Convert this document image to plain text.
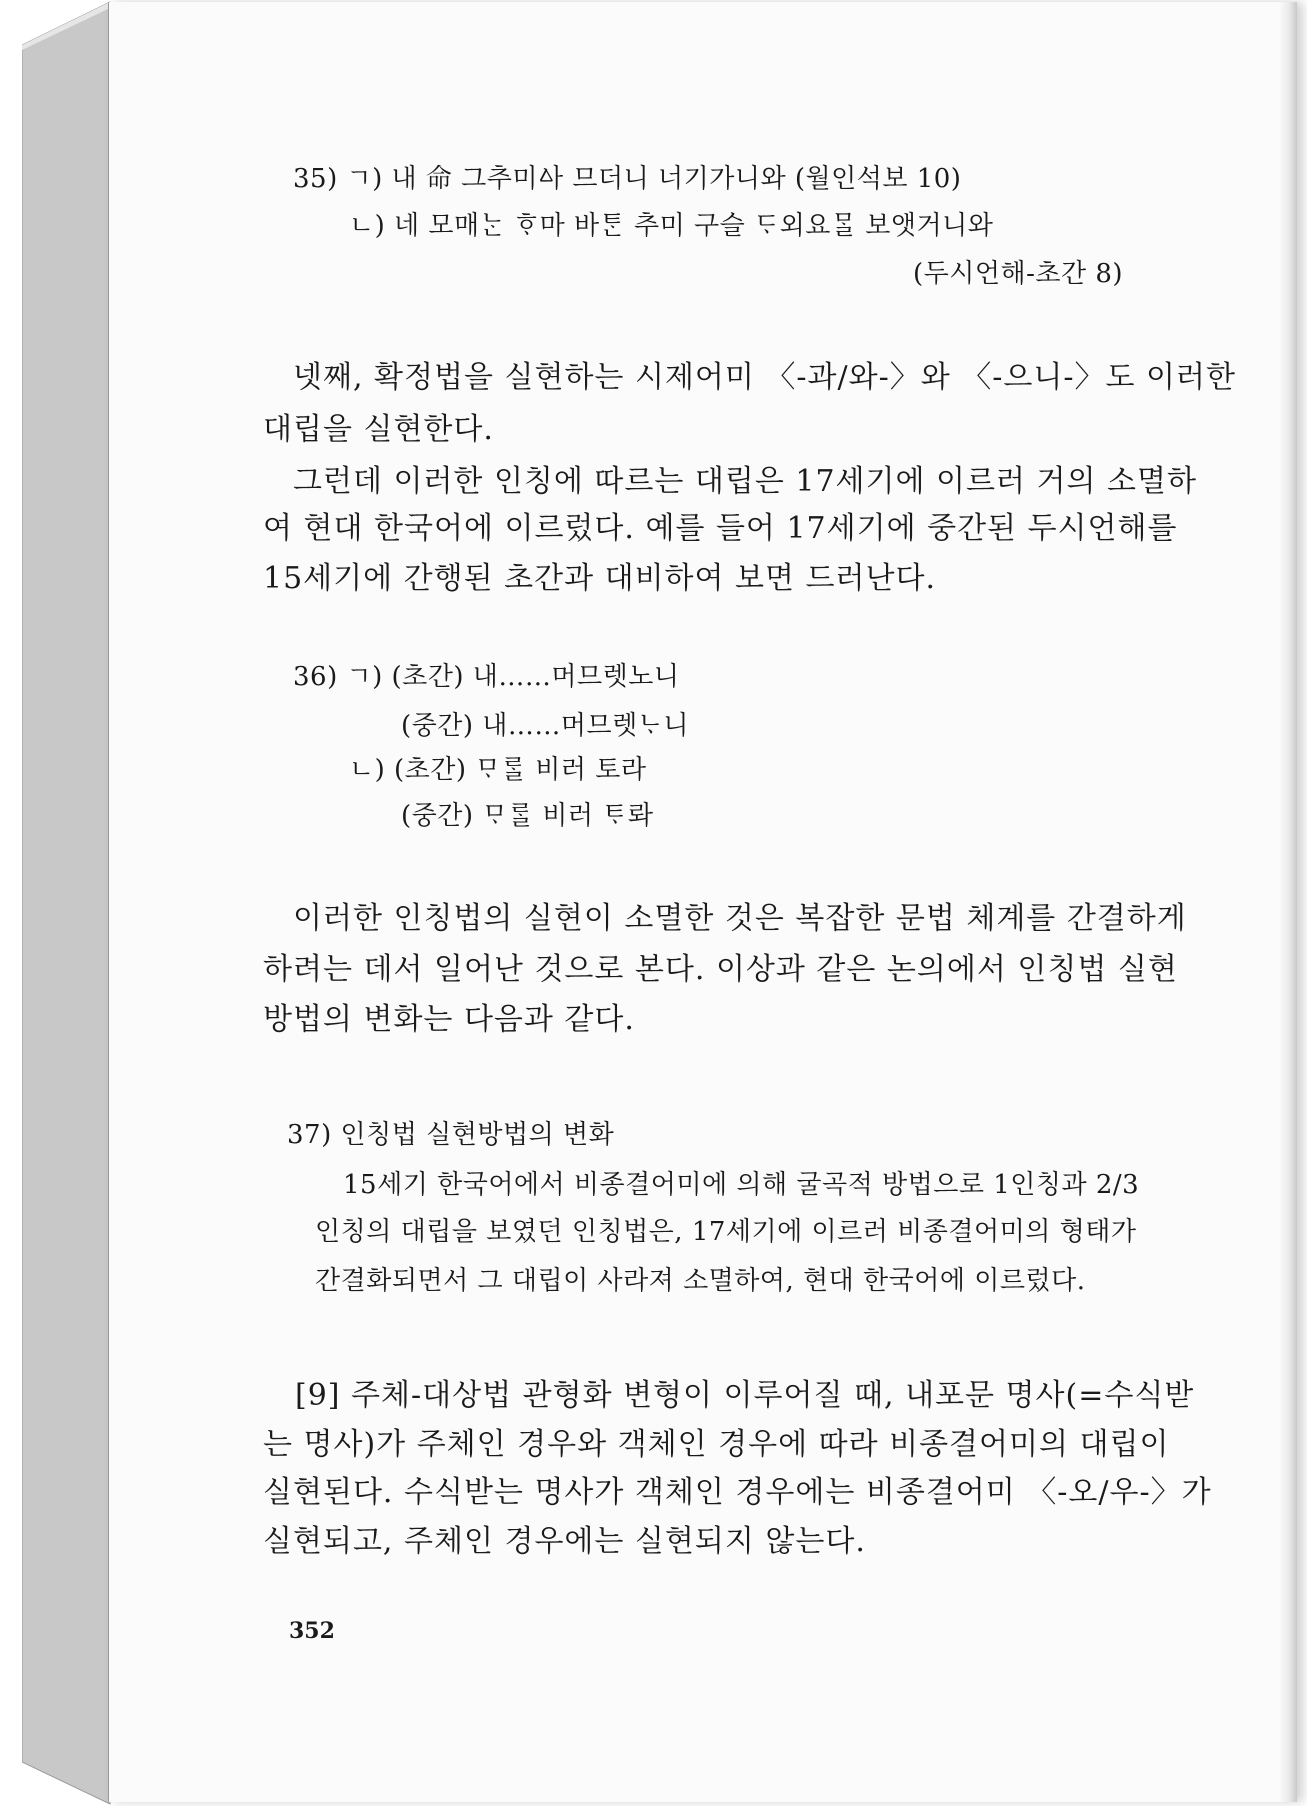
35) ㄱ) 내 命 그추미ᅀᅡ 므더니 너기가니와 (월인석보 10)
ㄴ) 네 모매ᄂᆞᆫ ᄒᆞ마 바ᄐᆞᆫ 추미 구슬 ᄃᆞ외요ᄆᆞᆯ 보앳거니와
(두시언해-초간 8)
넷째, 확정법을 실현하는 시제어미 〈-과/와-〉와 〈-으니-〉도 이러한
대립을 실현한다.
그런데 이러한 인칭에 따르는 대립은 17세기에 이르러 거의 소멸하
여 현대 한국어에 이르렀다. 예를 들어 17세기에 중간된 두시언해를
15세기에 간행된 초간과 대비하여 보면 드러난다.
36) ㄱ) (초간) 내……머므렛노니
(중간) 내……머므렛ᄂᆞ니
ㄴ) (초간) ᄆᆞᄅᆞᆯ 비러 토라
(중간) ᄆᆞᄅᆞᆯ 비러 ᄐᆞ롸
이러한 인칭법의 실현이 소멸한 것은 복잡한 문법 체계를 간결하게
하려는 데서 일어난 것으로 본다. 이상과 같은 논의에서 인칭법 실현
방법의 변화는 다음과 같다.
37) 인칭법 실현방법의 변화
15세기 한국어에서 비종결어미에 의해 굴곡적 방법으로 1인칭과 2/3
인칭의 대립을 보였던 인칭법은, 17세기에 이르러 비종결어미의 형태가
간결화되면서 그 대립이 사라져 소멸하여, 현대 한국어에 이르렀다.
[9] 주체-대상법 관형화 변형이 이루어질 때, 내포문 명사(=수식받
는 명사)가 주체인 경우와 객체인 경우에 따라 비종결어미의 대립이
실현된다. 수식받는 명사가 객체인 경우에는 비종결어미 〈-오/우-〉가
실현되고, 주체인 경우에는 실현되지 않는다.
352
